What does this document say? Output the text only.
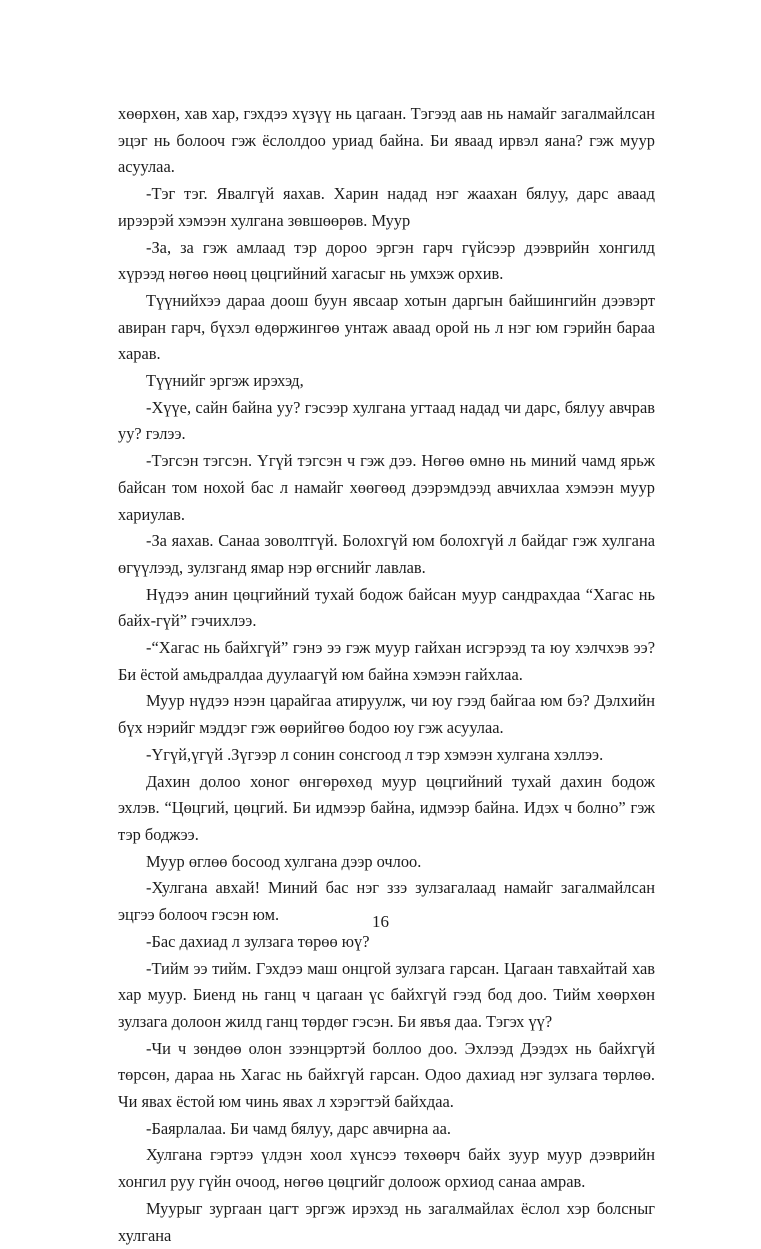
хөөрхөн, хав хар, гэхдээ хүзүү нь цагаан. Тэгээд аав нь намайг загалмайлсан эцэг нь болооч гэж ёслолдоо уриад байна. Би яваад ирвэл яана? гэж муур асуулаа.

-Тэг тэг. Явалгүй яахав. Харин надад нэг жаахан бялуу, дарс аваад ирээрэй хэмээн хулгана зөвшөөрөв. Муур

-За, за гэж амлаад тэр дороо эргэн гарч гүйсээр дээврийн хонгилд хүрээд нөгөө нөөц цөцгийний хагасыг нь умхэж орхив.

Түүнийхээ дараа доош буун явсаар хотын даргын байшингийн дээвэрт авиран гарч, бүхэл өдөржингөө унтаж аваад орой нь л нэг юм гэрийн бараа харав.

Түүнийг эргэж ирэхэд,

-Хүүе, сайн байна уу? гэсээр хулгана угтаад надад чи дарс, бялуу авчрав уу? гэлээ.

-Тэгсэн тэгсэн. Үгүй тэгсэн ч гэж дээ. Нөгөө өмнө нь миний чамд ярьж байсан том нохой бас л намайг хөөгөөд дээрэмдээд авчихлаа хэмээн муур хариулав.

-За яахав. Санаа зоволтгүй. Болохгүй юм болохгүй л байдаг гэж хулгана өгүүлээд, зулзганд ямар нэр өгснийг лавлав.

Нүдээ анин цөцгийний тухай бодож байсан муур сандрахдаа “Хагас нь байх-гүй” гэчихлээ.

-“Хагас нь байхгүй” гэнэ ээ гэж муур гайхан исгэрээд та юу хэлчхэв ээ? Би ёстой амьдралдаа дуулаагүй юм байна хэмээн гайхлаа.

Муур нүдээ нээн царайгаа атируулж, чи юу гээд байгаа юм бэ? Дэлхийн бүх нэрийг мэддэг гэж өөрийгөө бодоо юу гэж асуулаа.

-Үгүй,үгүй .Зүгээр л сонин сонсгоод л тэр хэмээн хулгана хэллээ.

Дахин долоо хоног өнгөрөхөд муур цөцгийний тухай дахин бодож эхлэв. “Цөцгий, цөцгий. Би идмээр байна, идмээр байна. Идэх ч болно” гэж тэр боджээ.

Муур өглөө босоод хулгана дээр очлоо.

-Хулгана авхай! Миний бас нэг ззэ зулзагалаад намайг загалмайлсан эцгээ болооч гэсэн юм.

-Бас дахиад л зулзага төрөө юү?

-Тийм ээ тийм. Гэхдээ маш онцгой зулзага гарсан. Цагаан тавхайтай хав хар муур. Биенд нь ганц ч цагаан үс байхгүй гээд бод доо. Тийм хөөрхөн зулзага долоон жилд ганц төрдөг гэсэн. Би явъя даа. Тэгэх үү?

-Чи ч зөндөө олон зээнцэртэй боллоо доо. Эхлээд Дээдэх нь байхгүй төрсөн, дараа нь Хагас нь байхгүй гарсан. Одоо дахиад нэг зулзага төрлөө. Чи явах ёстой юм чинь явах л хэрэгтэй байхдаа.

-Баярлалаа. Би чамд бялуу, дарс авчирна аа.

Хулгана гэртээ үлдэн хоол хүнсээ төхөөрч байх зуур муур дээврийн хонгил руу гүйн очоод, нөгөө цөцгийг долоож орхиод санаа амрав.

Муурыг зургаан цагт эргэж ирэхэд нь загалмайлах ёслол хэр болсныг хулгана

16
